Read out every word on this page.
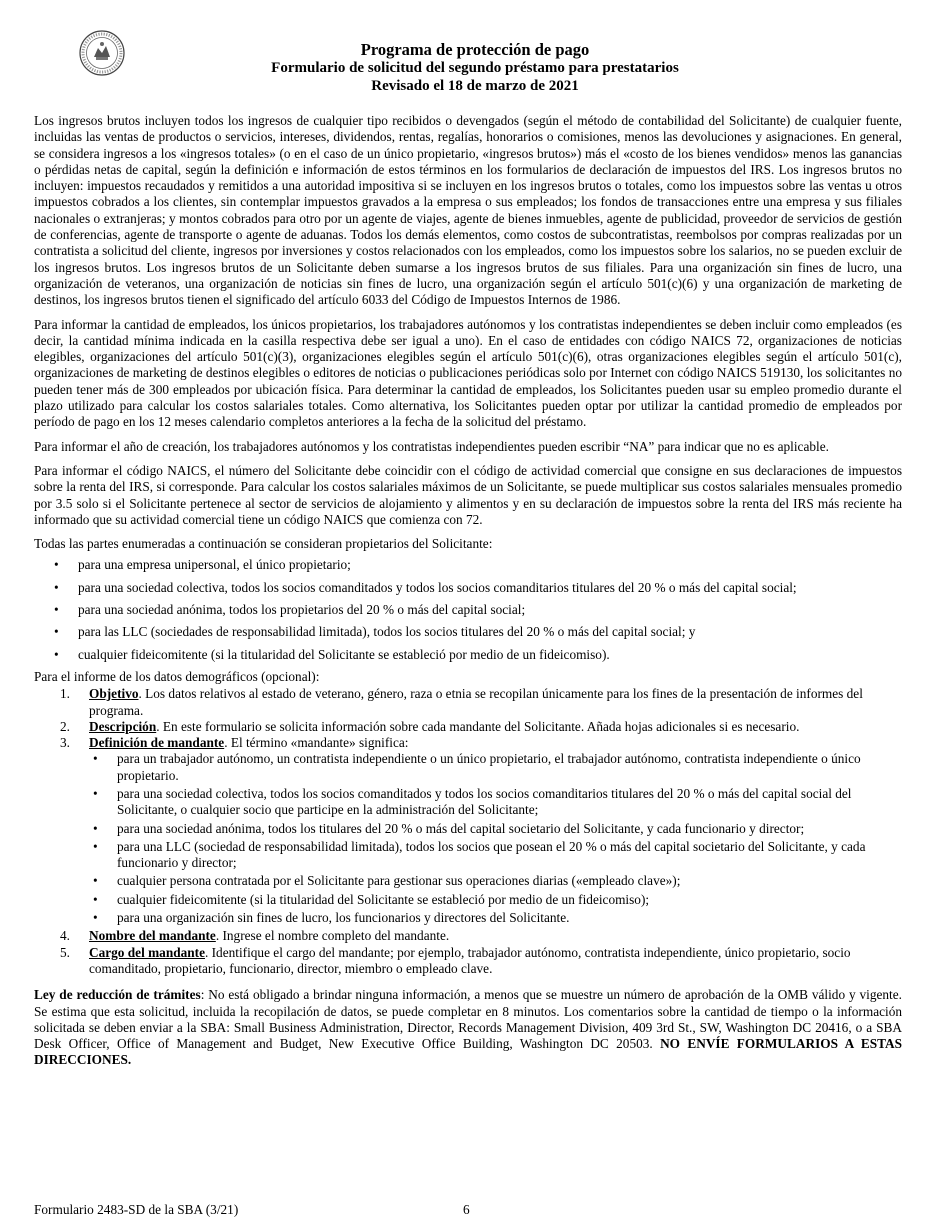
Programa de protección de pago
Formulario de solicitud del segundo préstamo para prestatarios
Revisado el 18 de marzo de 2021

Los ingresos brutos incluyen todos los ingresos de cualquier tipo recibidos o devengados (según el método de contabilidad del Solicitante) de cualquier fuente, incluidas las ventas de productos o servicios, intereses, dividendos, rentas, regalías, honorarios o comisiones, menos las devoluciones y asignaciones. En general, se considera ingresos a los «ingresos totales» (o en el caso de un único propietario, «ingresos brutos») más el «costo de los bienes vendidos» menos las ganancias o pérdidas netas de capital, según la definición e información de estos términos en los formularios de declaración de impuestos del IRS. Los ingresos brutos no incluyen: impuestos recaudados y remitidos a una autoridad impositiva si se incluyen en los ingresos brutos o totales, como los impuestos sobre las ventas u otros impuestos cobrados a los clientes, sin contemplar impuestos gravados a la empresa o sus empleados; los fondos de transacciones entre una empresa y sus filiales nacionales o extranjeras; y montos cobrados para otro por un agente de viajes, agente de bienes inmuebles, agente de publicidad, proveedor de servicios de gestión de conferencias, agente de transporte o agente de aduanas. Todos los demás elementos, como costos de subcontratistas, reembolsos por compras realizadas por un contratista a solicitud del cliente, ingresos por inversiones y costos relacionados con los empleados, como los impuestos sobre los salarios, no se pueden excluir de los ingresos brutos. Los ingresos brutos de un Solicitante deben sumarse a los ingresos brutos de sus filiales. Para una organización sin fines de lucro, una organización de veteranos, una organización de noticias sin fines de lucro, una organización según el artículo 501(c)(6) y una organización de marketing de destinos, los ingresos brutos tienen el significado del artículo 6033 del Código de Impuestos Internos de 1986.

Para informar la cantidad de empleados, los únicos propietarios, los trabajadores autónomos y los contratistas independientes se deben incluir como empleados (es decir, la cantidad mínima indicada en la casilla respectiva debe ser igual a uno). En el caso de entidades con código NAICS 72, organizaciones de noticias elegibles, organizaciones del artículo 501(c)(3), organizaciones elegibles según el artículo 501(c)(6), otras organizaciones elegibles según el artículo 501(c), organizaciones de marketing de destinos elegibles o editores de noticias o publicaciones periódicas solo por Internet con código NAICS 519130, los solicitantes no pueden tener más de 300 empleados por ubicación física. Para determinar la cantidad de empleados, los Solicitantes pueden usar su empleo promedio durante el plazo utilizado para calcular los costos salariales totales. Como alternativa, los Solicitantes pueden optar por utilizar la cantidad promedio de empleados por período de pago en los 12 meses calendario completos anteriores a la fecha de la solicitud del préstamo.

Para informar el año de creación, los trabajadores autónomos y los contratistas independientes pueden escribir “NA” para indicar que no es aplicable.

Para informar el código NAICS, el número del Solicitante debe coincidir con el código de actividad comercial que consigne en sus declaraciones de impuestos sobre la renta del IRS, si corresponde. Para calcular los costos salariales máximos de un Solicitante, se puede multiplicar sus costos salariales mensuales promedio por 3.5 solo si el Solicitante pertenece al sector de servicios de alojamiento y alimentos y en su declaración de impuestos sobre la renta del IRS más reciente ha informado que su actividad comercial tiene un código NAICS que comienza con 72.

Todas las partes enumeradas a continuación se consideran propietarios del Solicitante:

• para una empresa unipersonal, el único propietario;
• para una sociedad colectiva, todos los socios comanditados y todos los socios comanditarios titulares del 20 % o más del capital social;
• para una sociedad anónima, todos los propietarios del 20 % o más del capital social;
• para las LLC (sociedades de responsabilidad limitada), todos los socios titulares del 20 % o más del capital social; y
• cualquier fideicomitente (si la titularidad del Solicitante se estableció por medio de un fideicomiso).
Para el informe de los datos demográficos (opcional):
1. Objetivo. Los datos relativos al estado de veterano, género, raza o etnia se recopilan únicamente para los fines de la presentación de informes del programa.
2. Descripción. En este formulario se solicita información sobre cada mandante del Solicitante. Añada hojas adicionales si es necesario.
3. Definición de mandante. El término «mandante» significa:
• para un trabajador autónomo, un contratista independiente o un único propietario, el trabajador autónomo, contratista independiente o único propietario.
• para una sociedad colectiva, todos los socios comanditados y todos los socios comanditarios titulares del 20 % o más del capital social del Solicitante, o cualquier socio que participe en la administración del Solicitante;
• para una sociedad anónima, todos los titulares del 20 % o más del capital societario del Solicitante, y cada funcionario y director;
• para una LLC (sociedad de responsabilidad limitada), todos los socios que posean el 20 % o más del capital societario del Solicitante, y cada funcionario y director;
• cualquier persona contratada por el Solicitante para gestionar sus operaciones diarias («empleado clave»);
• cualquier fideicomitente (si la titularidad del Solicitante se estableció por medio de un fideicomiso);
• para una organización sin fines de lucro, los funcionarios y directores del Solicitante.
4. Nombre del mandante. Ingrese el nombre completo del mandante.
5. Cargo del mandante. Identifique el cargo del mandante; por ejemplo, trabajador autónomo, contratista independiente, único propietario, socio comanditado, propietario, funcionario, director, miembro o empleado clave.

Ley de reducción de trámites: No está obligado a brindar ninguna información, a menos que se muestre un número de aprobación de la OMB válido y vigente. Se estima que esta solicitud, incluida la recopilación de datos, se puede completar en 8 minutos. Los comentarios sobre la cantidad de tiempo o la información solicitada se deben enviar a la SBA: Small Business Administration, Director, Records Management Division, 409 3rd St., SW, Washington DC 20416, o a SBA Desk Officer, Office of Management and Budget, New Executive Office Building, Washington DC 20503. NO ENVÍE FORMULARIOS A ESTAS DIRECCIONES.

Formulario 2483-SD de la SBA (3/21)	6
